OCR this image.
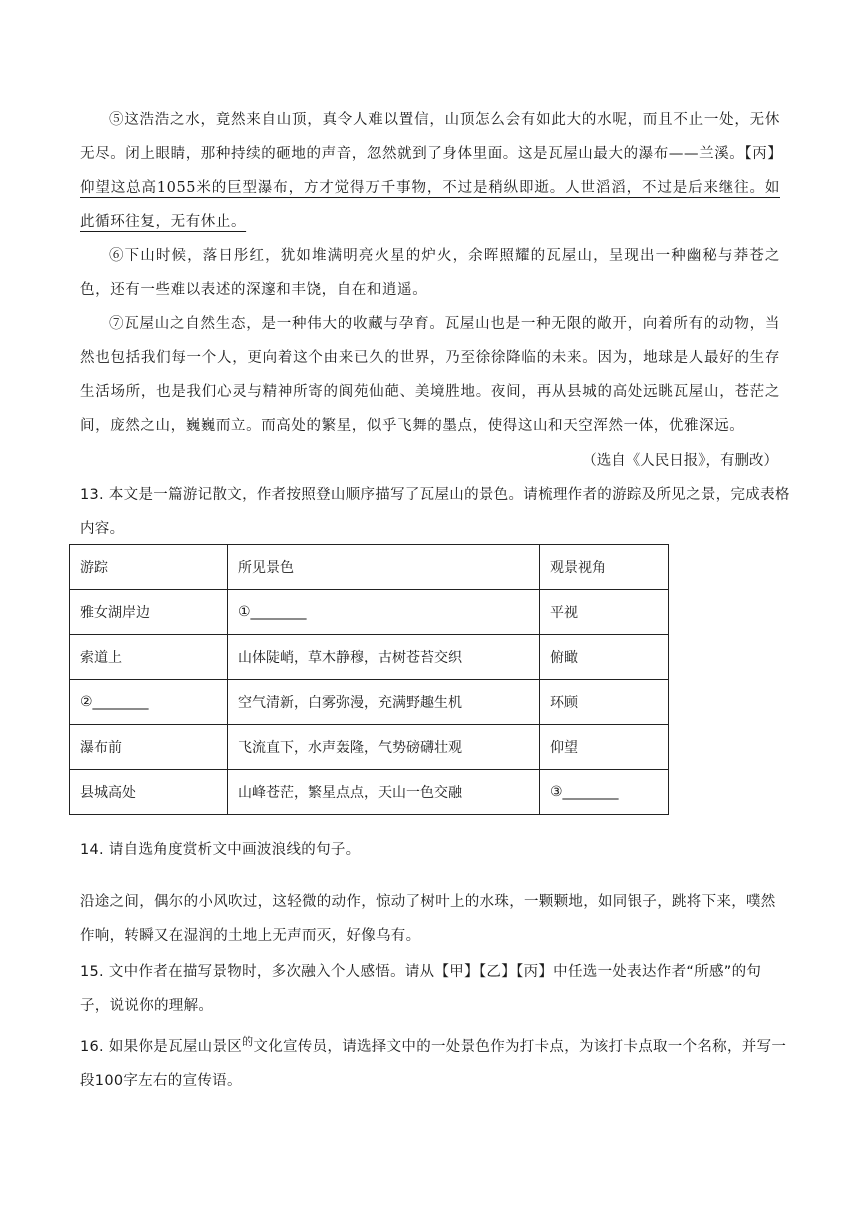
⑤这浩浩之水，竟然来自山顶，真令人难以置信，山顶怎么会有如此大的水呢，而且不止一处，无休无尽。闭上眼睛，那种持续的砸地的声音，忽然就到了身体里面。这是瓦屋山最大的瀑布——兰溪。【丙】仰望这总高1055米的巨型瀑布，方才觉得万千事物，不过是稍纵即逝。人世滔滔，不过是后来继往。如此循环往复，无有休止。
⑥下山时候，落日彤红，犹如堆满明亮火星的炉火，余晖照耀的瓦屋山，呈现出一种幽秘与莽苍之色，还有一些难以表述的深邃和丰饶，自在和逍遥。
⑦瓦屋山之自然生态，是一种伟大的收藏与孕育。瓦屋山也是一种无限的敞开，向着所有的动物，当然也包括我们每一个人，更向着这个由来已久的世界，乃至徐徐降临的未来。因为，地球是人最好的生存生活场所，也是我们心灵与精神所寄的阆苑仙葩、美境胜地。夜间，再从县城的高处远眺瓦屋山，苍茫之间，庞然之山，巍巍而立。而高处的繁星，似乎飞舞的墨点，使得这山和天空浑然一体，优雅深远。
（选自《人民日报》，有删改）
13. 本文是一篇游记散文，作者按照登山顺序描写了瓦屋山的景色。请梳理作者的游踪及所见之景，完成表格内容。
游踪	所见景色	观景视角
雅女湖岸边	①________	平视
索道上	山体陡峭，草木静穆，古树苍苔交织	俯瞰
②________	空气清新，白雾弥漫，充满野趣生机	环顾
瀑布前	飞流直下，水声轰隆，气势磅礴壮观	仰望
县城高处	山峰苍茫，繁星点点，天山一色交融	③________
14. 请自选角度赏析文中画波浪线的句子。
沿途之间，偶尔的小风吹过，这轻微的动作，惊动了树叶上的水珠，一颗颗地，如同银子，跳将下来，噗然作响，转瞬又在湿润的土地上无声而灭，好像乌有。
15. 文中作者在描写景物时，多次融入个人感悟。请从【甲】【乙】【丙】中任选一处表达作者“所感”的句子，说说你的理解。
16. 如果你是瓦屋山景区$^的$文化宣传员，请选择文中的一处景色作为打卡点，为该打卡点取一个名称，并写一段100字左右的宣传语。
